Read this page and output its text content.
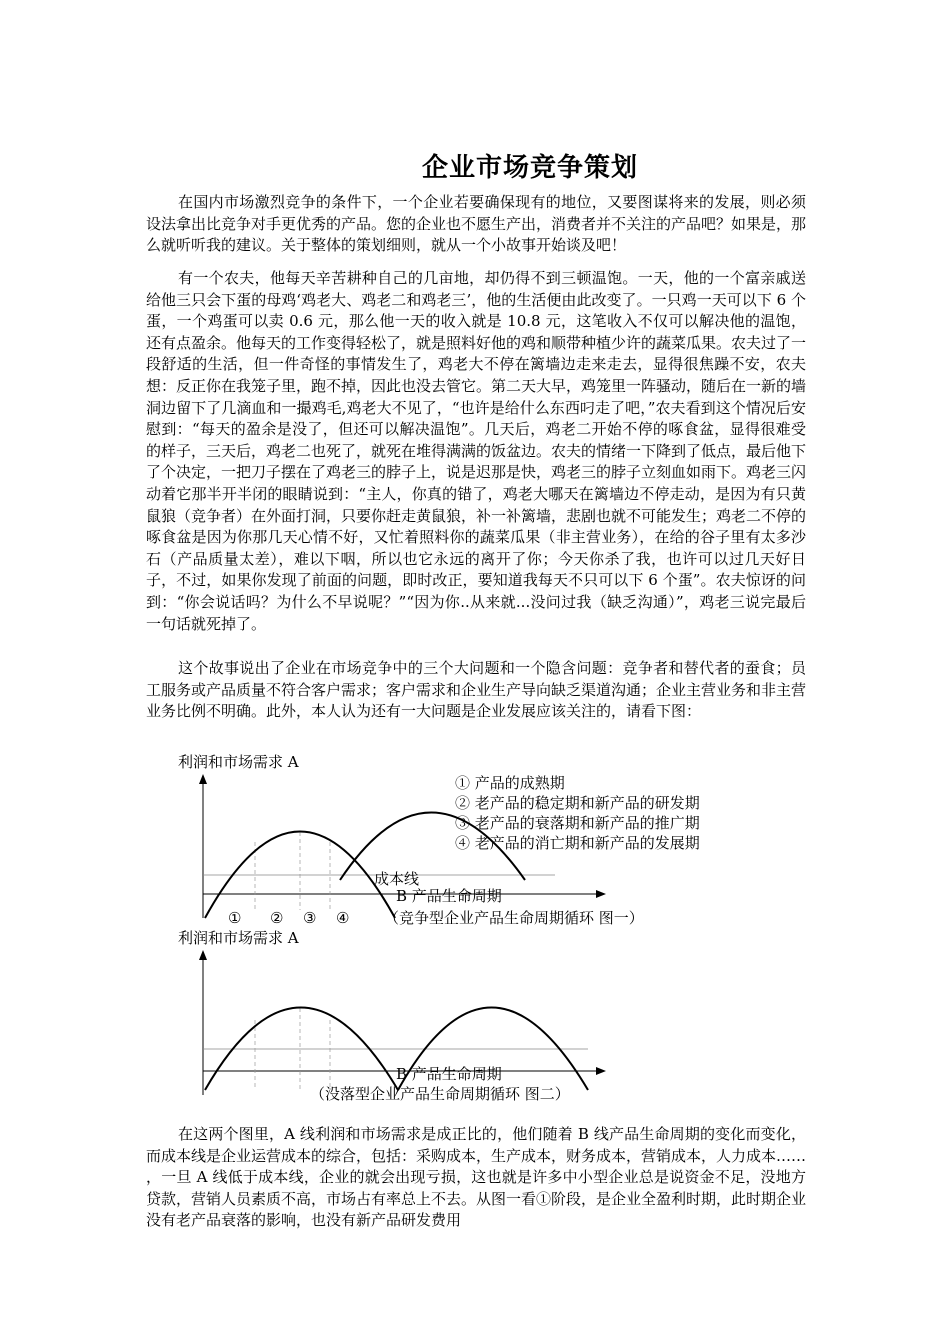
企业市场竞争策划

在国内市场激烈竞争的条件下，一个企业若要确保现有的地位，又要图谋将来的发展，则必须设法拿出比竞争对手更优秀的产品。您的企业也不愿生产出，消费者并不关注的产品吧？如果是，那么就听听我的建议。关于整体的策划细则，就从一个小故事开始谈及吧！

有一个农夫，他每天辛苦耕种自己的几亩地，却仍得不到三顿温饱。一天，他的一个富亲戚送给他三只会下蛋的母鸡‘鸡老大、鸡老二和鸡老三’，他的生活便由此改变了。一只鸡一天可以下 6 个蛋，一个鸡蛋可以卖 0.6 元，那么他一天的收入就是 10.8 元，这笔收入不仅可以解决他的温饱，还有点盈余。他每天的工作变得轻松了，就是照料好他的鸡和顺带种植少许的蔬菜瓜果。农夫过了一段舒适的生活，但一件奇怪的事情发生了，鸡老大不停在篱墙边走来走去，显得很焦躁不安，农夫想：反正你在我笼子里，跑不掉，因此也没去管它。第二天大早，鸡笼里一阵骚动，随后在一新的墙洞边留下了几滴血和一撮鸡毛,鸡老大不见了，“也许是给什么东西叼走了吧，”农夫看到这个情况后安慰到：“每天的盈余是没了，但还可以解决温饱”。几天后，鸡老二开始不停的啄食盆，显得很难受的样子，三天后，鸡老二也死了，就死在堆得满满的饭盆边。农夫的情绪一下降到了低点，最后他下了个决定，一把刀子摆在了鸡老三的脖子上，说是迟那是快，鸡老三的脖子立刻血如雨下。鸡老三闪动着它那半开半闭的眼睛说到：“主人，你真的错了，鸡老大哪天在篱墙边不停走动，是因为有只黄鼠狼（竞争者）在外面打洞，只要你赶走黄鼠狼，补一补篱墙，悲剧也就不可能发生；鸡老二不停的啄食盆是因为你那几天心情不好，又忙着照料你的蔬菜瓜果（非主营业务），在给的谷子里有太多沙石（产品质量太差），难以下咽，所以也它永远的离开了你；今天你杀了我，也许可以过几天好日子，不过，如果你发现了前面的问题，即时改正，要知道我每天不只可以下 6 个蛋”。农夫惊讶的问到：“你会说话吗？为什么不早说呢？”“因为你..从来就...没问过我（缺乏沟通）”，鸡老三说完最后一句话就死掉了。

这个故事说出了企业在市场竞争中的三个大问题和一个隐含问题：竞争者和替代者的蚕食；员工服务或产品质量不符合客户需求；客户需求和企业生产导向缺乏渠道沟通；企业主营业务和非主营业务比例不明确。此外，本人认为还有一大问题是企业发展应该关注的，请看下图：

利润和市场需求 A
① 产品的成熟期
② 老产品的稳定期和新产品的研发期
③ 老产品的衰落期和新产品的推广期
④ 老产品的消亡期和新产品的发展期
成本线
B 产品生命周期
① ② ③ ④ （竞争型企业产品生命周期循环 图一）
利润和市场需求 A
B 产品生命周期
（没落型企业产品生命周期循环 图二）

在这两个图里，A 线利润和市场需求是成正比的，他们随着 B 线产品生命周期的变化而变化，而成本线是企业运营成本的综合，包括：采购成本，生产成本，财务成本，营销成本，人力成本…… ，一旦 A 线低于成本线，企业的就会出现亏损，这也就是许多中小型企业总是说资金不足，没地方贷款，营销人员素质不高，市场占有率总上不去。从图一看①阶段，是企业全盈利时期，此时期企业没有老产品衰落的影响，也没有新产品研发费用
